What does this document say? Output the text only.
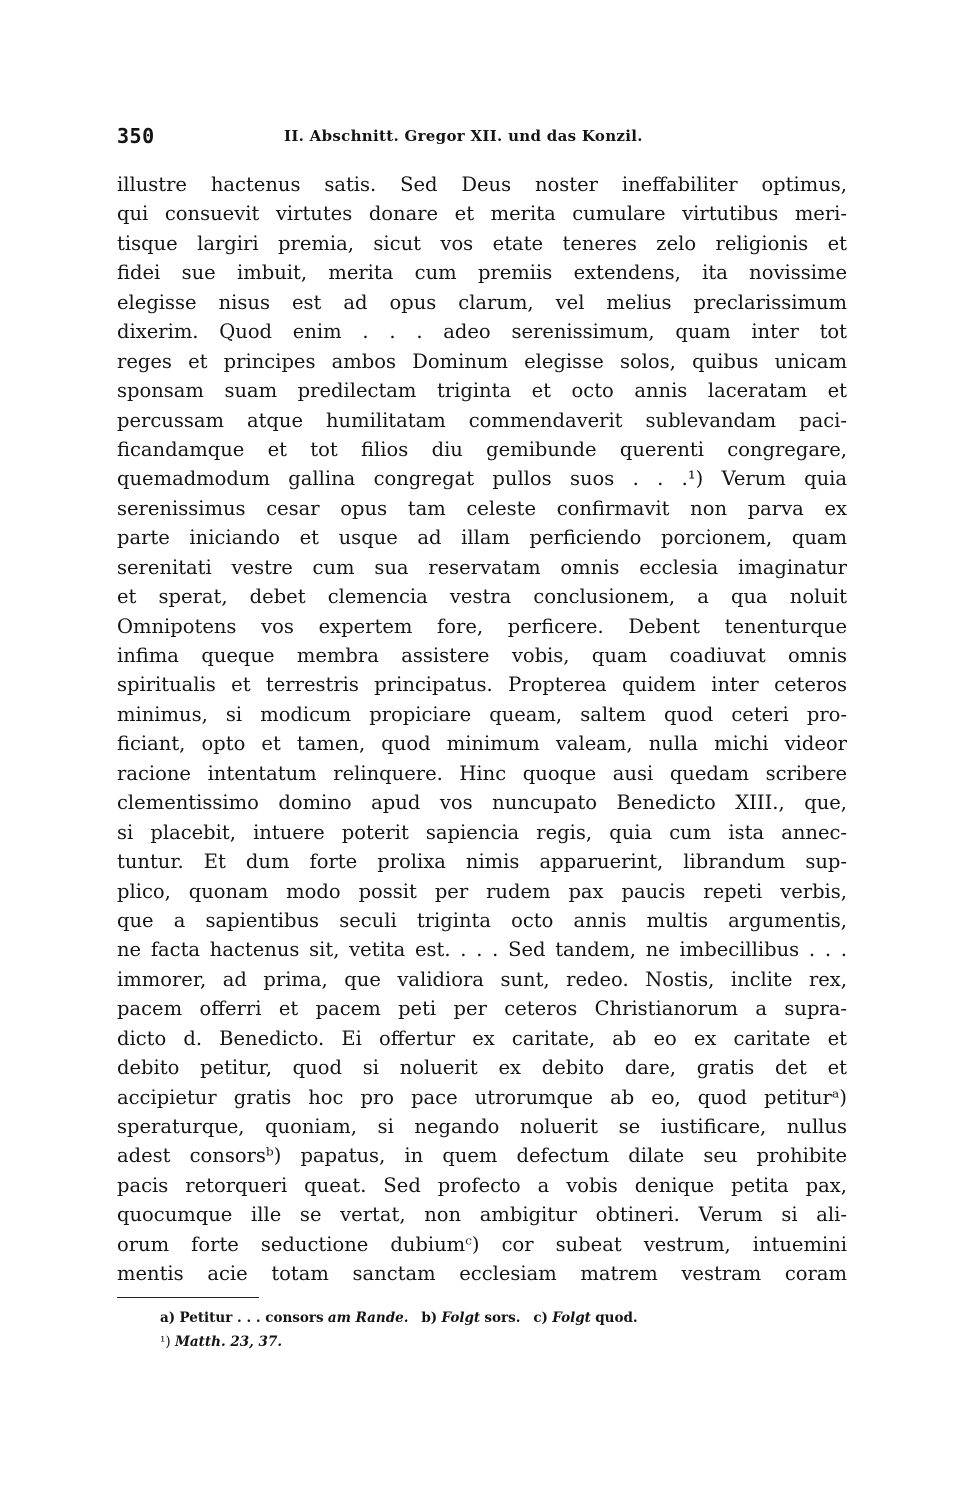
350	II. Abschnitt. Gregor XII. und das Konzil.
illustre hactenus satis. Sed Deus noster ineffabiliter optimus,
qui consuevit virtutes donare et merita cumulare virtutibus meri-
tisque largiri premia, sicut vos etate teneres zelo religionis et
fidei sue imbuit, merita cum premiis extendens, ita novissime
elegisse nisus est ad opus clarum, vel melius preclarissimum
dixerim. Quod enim . . . adeo serenissimum, quam inter tot
reges et principes ambos Dominum elegisse solos, quibus unicam
sponsam suam predilectam triginta et octo annis laceratam et
percussam atque humilitatam commendaverit sublevandam paci-
ficandamque et tot filios diu gemibunde querenti congregare,
quemadmodum gallina congregat pullos suos . . .¹) Verum quia
serenissimus cesar opus tam celeste confirmavit non parva ex
parte iniciando et usque ad illam perficiendo porcionem, quam
serenitati vestre cum sua reservatam omnis ecclesia imaginatur
et sperat, debet clemencia vestra conclusionem, a qua noluit
Omnipotens vos expertem fore, perficere. Debent tenenturque
infima queque membra assistere vobis, quam coadiuvat omnis
spiritualis et terrestris principatus. Propterea quidem inter ceteros
minimus, si modicum propiciare queam, saltem quod ceteri pro-
ficiant, opto et tamen, quod minimum valeam, nulla michi videor
racione intentatum relinquere. Hinc quoque ausi quedam scribere
clementissimo domino apud vos nuncupato Benedicto XIII., que,
si placebit, intuere poterit sapiencia regis, quia cum ista annec-
tuntur. Et dum forte prolixa nimis apparuerint, librandum sup-
plico, quonam modo possit per rudem pax paucis repeti verbis,
que a sapientibus seculi triginta octo annis multis argumentis,
ne facta hactenus sit, vetita est. . . . Sed tandem, ne imbecillibus . . .
immorer, ad prima, que validiora sunt, redeo. Nostis, inclite rex,
pacem offerri et pacem peti per ceteros Christianorum a supra-
dicto d. Benedicto. Ei offertur ex caritate, ab eo ex caritate et
debito petitur, quod si noluerit ex debito dare, gratis det et
accipietur gratis hoc pro pace utrorumque ab eo, quod petiturᵃ)
speraturque, quoniam, si negando noluerit se iustificare, nullus
adest consorsᵇ) papatus, in quem defectum dilate seu prohibite
pacis retorqueri queat. Sed profecto a vobis denique petita pax,
quocumque ille se vertat, non ambigitur obtineri. Verum si ali-
orum forte seductione dubiumᶜ) cor subeat vestrum, intuemini
mentis acie totam sanctam ecclesiam matrem vestram coram
a) Petitur . . . consors am Rande. b) Folgt sors. c) Folgt quod.
¹) Matth. 23, 37.
